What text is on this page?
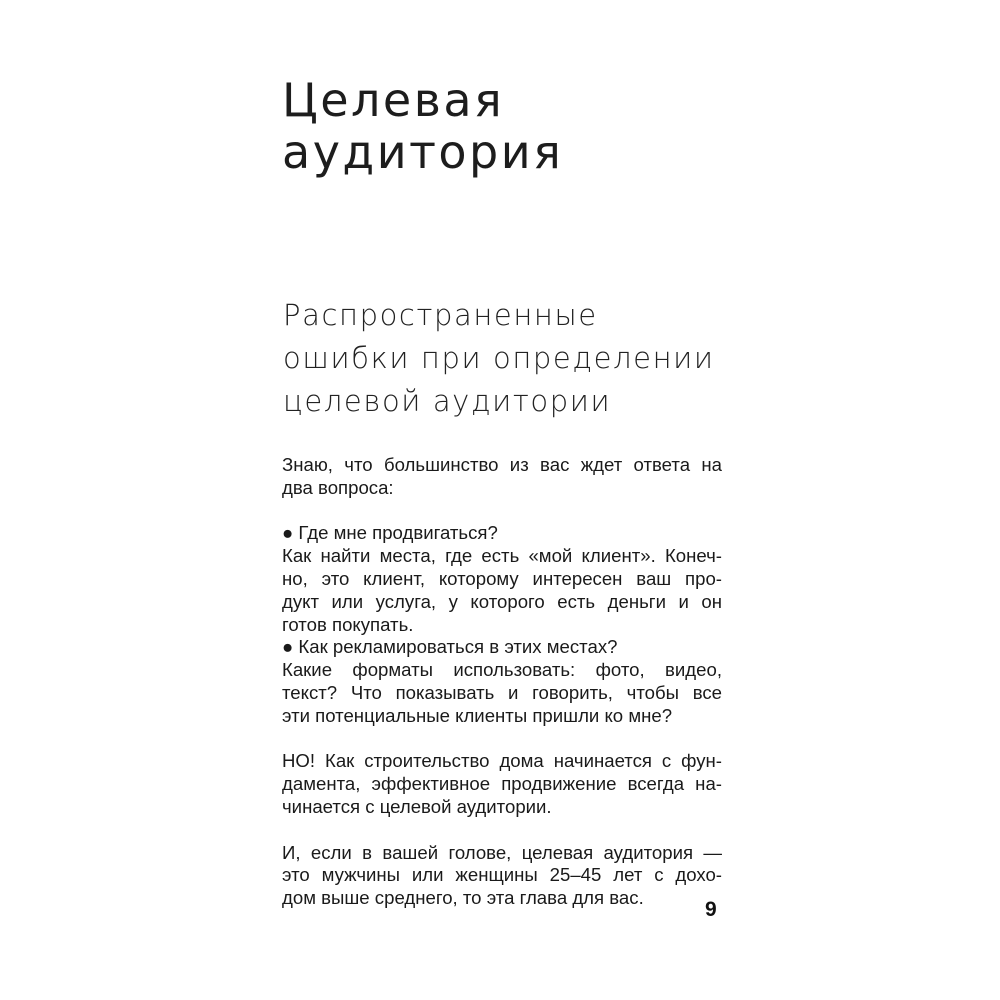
Целевая
аудитория
Распространенные
ошибки при определении
целевой аудитории
Знаю, что большинство из вас ждет ответа на
два вопроса:
● Где мне продвигаться?
Как найти места, где есть «мой клиент». Конеч-
но, это клиент, которому интересен ваш про-
дукт или услуга, у которого есть деньги и он
готов покупать.
● Как рекламироваться в этих местах?
Какие форматы использовать: фото, видео,
текст? Что показывать и говорить, чтобы все
эти потенциальные клиенты пришли ко мне?
НО! Как строительство дома начинается с фун-
дамента, эффективное продвижение всегда на-
чинается с целевой аудитории.
И, если в вашей голове, целевая аудитория —
это мужчины или женщины 25–45 лет с дохо-
дом выше среднего, то эта глава для вас.
9
